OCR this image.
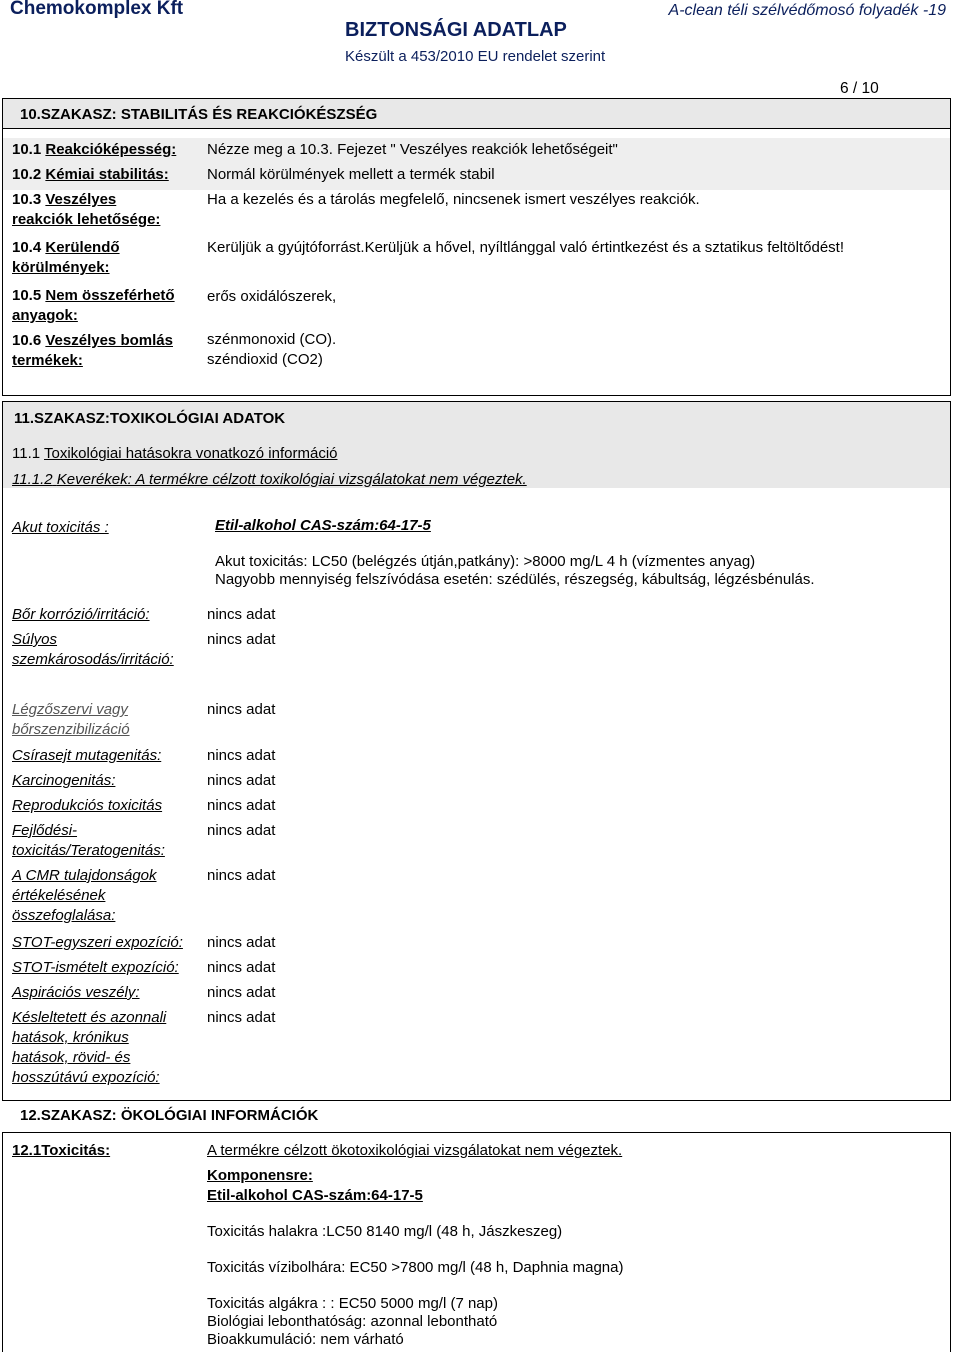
Chemokomplex Kft
BIZTONSÁGI ADATLAP
Készült a 453/2010 EU rendelet szerint
A-clean téli szélvédőmosó folyadék -19
6 / 10
10.SZAKASZ: STABILITÁS ÉS REAKCIÓKÉSZSÉG
10.1 Reakcióképesség: Nézze meg a 10.3. Fejezet " Veszélyes reakciók lehetőségeit"
10.2 Kémiai stabilitás:	Normál körülmények mellett a termék stabil
10.3 Veszélyes
reakciók lehetősége:
Ha a kezelés és a tárolás megfelelő, nincsenek ismert veszélyes reakciók.
10.4 Kerülendő
körülmények:
Kerüljük a gyújtóforrást.Kerüljük a hővel, nyíltlánggal való értintkezést és a sztatikus feltöltődést!
10.5 Nem összeférhető
anyagok:
erős oxidálószerek,
10.6 Veszélyes bomlás
termékek:
szénmonoxid (CO).
széndioxid (CO2)
11.SZAKASZ:TOXIKOLÓGIAI ADATOK
11.1 Toxikológiai hatásokra vonatkozó információ
11.1.2 Keverékek: A termékre célzott toxikológiai vizsgálatokat nem végeztek.
Akut toxicitás :	Etil-alkohol CAS-szám:64-17-5
Akut toxicitás: LC50 (belégzés útján,patkány): >8000 mg/L 4 h (vízmentes anyag)
Nagyobb mennyiség felszívódása esetén: szédülés, részegség, kábultság, légzésbénulás.
Bőr korrózió/irritáció:	nincs adat
Súlyos
szemkárosodás/irritáció:
nincs adat
Légzőszervi vagy
bőrszenzibilizáció
nincs adat
Csírasejt mutagenitás:	nincs adat
Karcinogenitás:	nincs adat
Reprodukciós toxicitás	nincs adat
Fejlődési-
toxicitás/Teratogenitás:
nincs adat
A CMR tulajdonságok
értékelésének
összefoglalása:
nincs adat
STOT-egyszeri expozíció: nincs adat
STOT-ismételt expozíció: nincs adat
Aspirációs veszély:	nincs adat
Késleltetett és azonnali
hatások, krónikus
hatások, rövid- és
hosszútávú expozíció:
nincs adat
12.SZAKASZ: ÖKOLÓGIAI INFORMÁCIÓK
12.1Toxicitás:	A termékre célzott ökotoxikológiai vizsgálatokat nem végeztek.
Komponensre:
Etil-alkohol CAS-szám:64-17-5
Toxicitás halakra :LC50 8140 mg/l (48 h, Jászkeszeg)
Toxicitás vízibolhára: EC50 >7800 mg/l (48 h, Daphnia magna)
Toxicitás algákra : : EC50 5000 mg/l (7 nap)
Biológiai lebonthatóság: azonnal lebontható
Bioakkumuláció: nem várható
